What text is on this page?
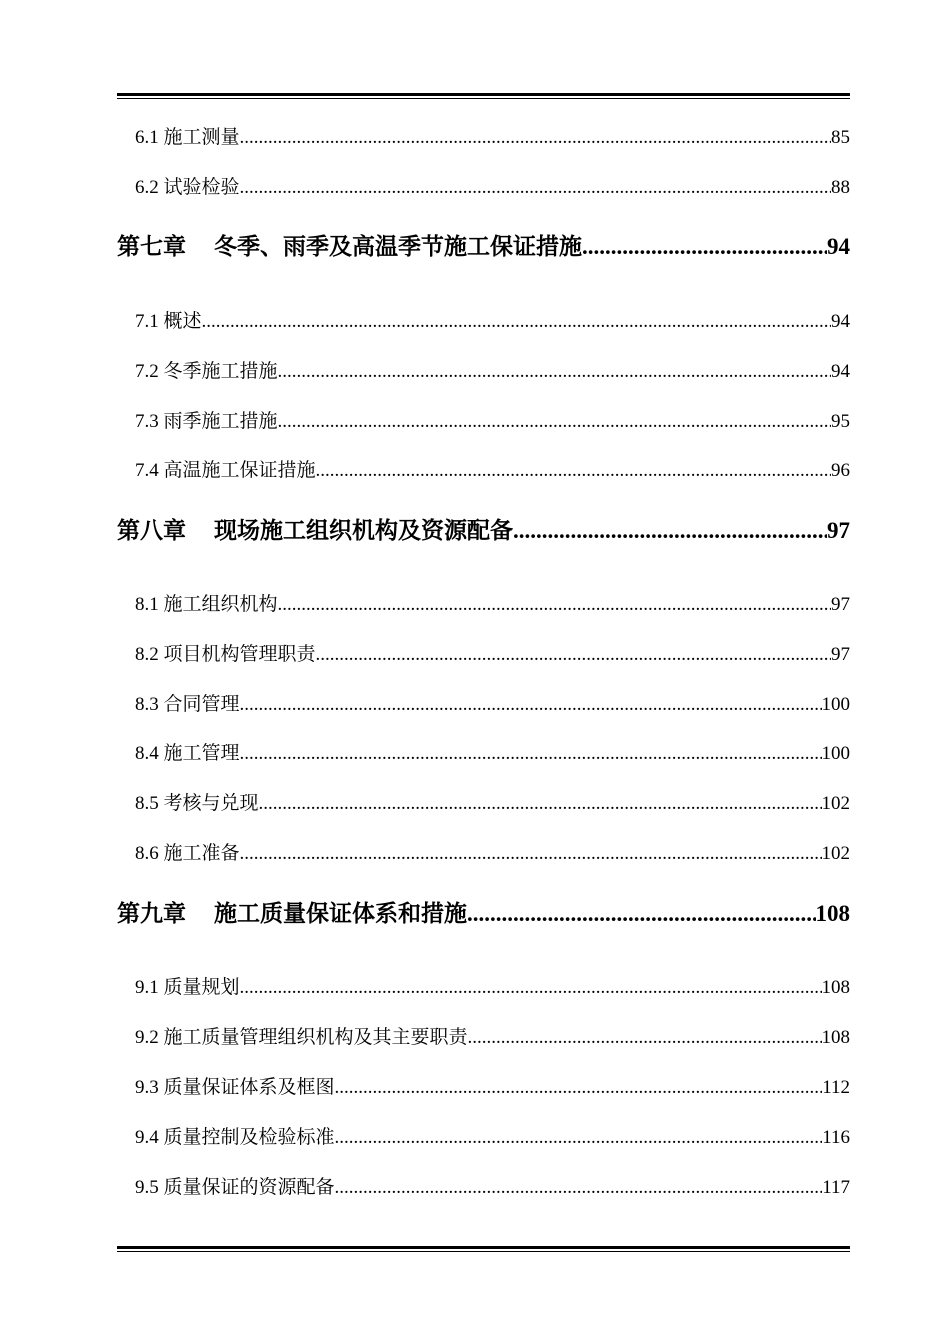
6.1 施工测量 .....	85
6.2 试验检验 .....	88
第七章 冬季、雨季及高温季节施工保证措施 .....	94
7.1 概述 .....	94
7.2 冬季施工措施 .....	94
7.3 雨季施工措施 .....	95
7.4 高温施工保证措施 .....	96
第八章 现场施工组织机构及资源配备 .....	97
8.1 施工组织机构 .....	97
8.2 项目机构管理职责 .....	97
8.3 合同管理 .....	100
8.4 施工管理 .....	100
8.5 考核与兑现 .....	102
8.6 施工准备 .....	102
第九章 施工质量保证体系和措施 .....	108
9.1 质量规划 .....	108
9.2 施工质量管理组织机构及其主要职责 .....	108
9.3 质量保证体系及框图 .....	112
9.4 质量控制及检验标准 .....	116
9.5 质量保证的资源配备 .....	117
